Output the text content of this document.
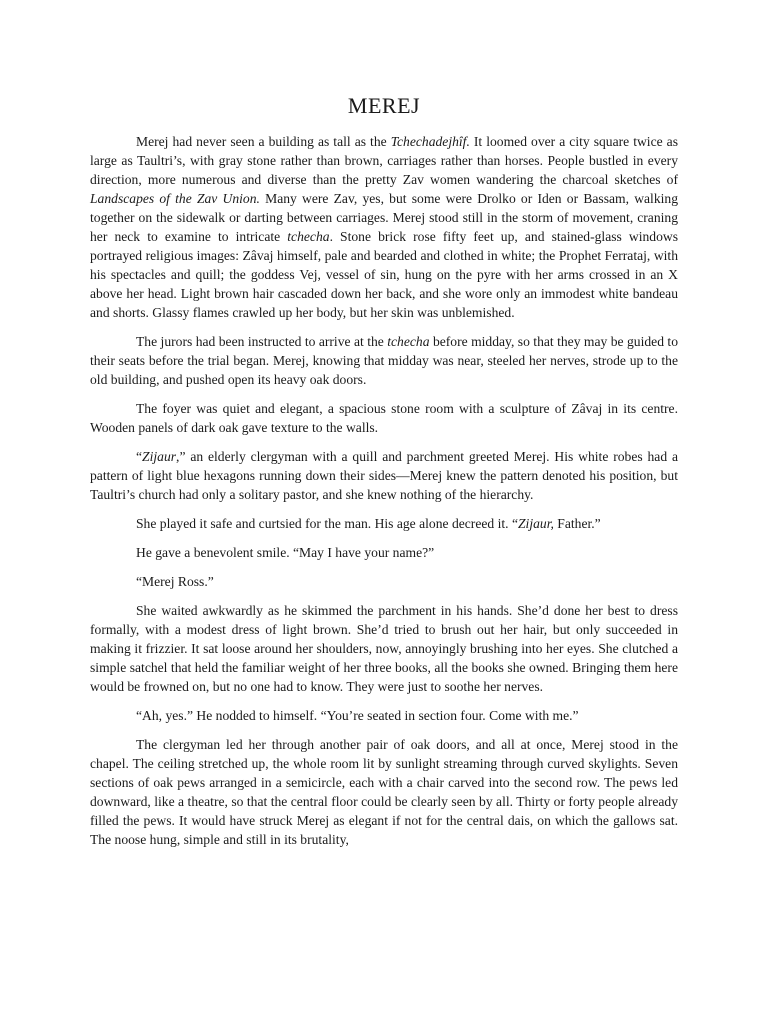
MEREJ

Merej had never seen a building as tall as the Tchechadejhîf. It loomed over a city square twice as large as Taultri’s, with gray stone rather than brown, carriages rather than horses. People bustled in every direction, more numerous and diverse than the pretty Zav women wandering the charcoal sketches of Landscapes of the Zav Union. Many were Zav, yes, but some were Drolko or Iden or Bassam, walking together on the sidewalk or darting between carriages. Merej stood still in the storm of movement, craning her neck to examine to intricate tchecha. Stone brick rose fifty feet up, and stained-glass windows portrayed religious images: Zâvaj himself, pale and bearded and clothed in white; the Prophet Ferrataj, with his spectacles and quill; the goddess Vej, vessel of sin, hung on the pyre with her arms crossed in an X above her head. Light brown hair cascaded down her back, and she wore only an immodest white bandeau and shorts. Glassy flames crawled up her body, but her skin was unblemished.

The jurors had been instructed to arrive at the tchecha before midday, so that they may be guided to their seats before the trial began. Merej, knowing that midday was near, steeled her nerves, strode up to the old building, and pushed open its heavy oak doors.

The foyer was quiet and elegant, a spacious stone room with a sculpture of Zâvaj in its centre. Wooden panels of dark oak gave texture to the walls.

“Zijaur,” an elderly clergyman with a quill and parchment greeted Merej. His white robes had a pattern of light blue hexagons running down their sides—Merej knew the pattern denoted his position, but Taultri’s church had only a solitary pastor, and she knew nothing of the hierarchy.

She played it safe and curtsied for the man. His age alone decreed it. “Zijaur, Father.”

He gave a benevolent smile. “May I have your name?”

“Merej Ross.”

She waited awkwardly as he skimmed the parchment in his hands. She’d done her best to dress formally, with a modest dress of light brown. She’d tried to brush out her hair, but only succeeded in making it frizzier. It sat loose around her shoulders, now, annoyingly brushing into her eyes. She clutched a simple satchel that held the familiar weight of her three books, all the books she owned. Bringing them here would be frowned on, but no one had to know. They were just to soothe her nerves.

“Ah, yes.” He nodded to himself. “You’re seated in section four. Come with me.”

The clergyman led her through another pair of oak doors, and all at once, Merej stood in the chapel. The ceiling stretched up, the whole room lit by sunlight streaming through curved skylights. Seven sections of oak pews arranged in a semicircle, each with a chair carved into the second row. The pews led downward, like a theatre, so that the central floor could be clearly seen by all. Thirty or forty people already filled the pews. It would have struck Merej as elegant if not for the central dais, on which the gallows sat. The noose hung, simple and still in its brutality,
